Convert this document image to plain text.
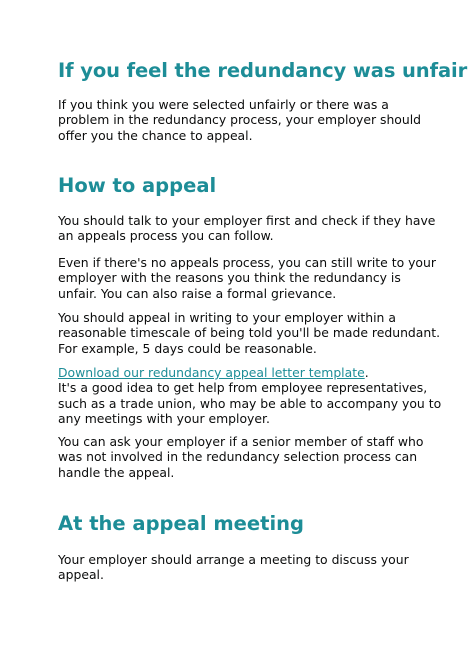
If you feel the redundancy was unfair

If you think you were selected unfairly or there was a
problem in the redundancy process, your employer should
offer you the chance to appeal.

How to appeal

You should talk to your employer first and check if they have
an appeals process you can follow.

Even if there's no appeals process, you can still write to your
employer with the reasons you think the redundancy is
unfair. You can also raise a formal grievance.

You should appeal in writing to your employer within a
reasonable timescale of being told you'll be made redundant.
For example, 5 days could be reasonable.

Download our redundancy appeal letter template.
It's a good idea to get help from employee representatives,
such as a trade union, who may be able to accompany you to
any meetings with your employer.

You can ask your employer if a senior member of staff who
was not involved in the redundancy selection process can
handle the appeal.

At the appeal meeting

Your employer should arrange a meeting to discuss your
appeal.
